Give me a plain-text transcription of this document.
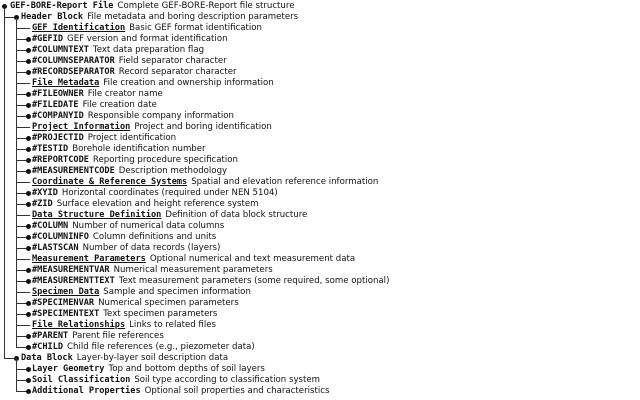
GEF-BORE-Report File Complete GEF-BORE-Report file structure
Header Block File metadata and boring description parameters
GEF Identification Basic GEF format identification
#GEFID GEF version and format identification
#COLUMNTEXT Text data preparation flag
#COLUMNSEPARATOR Field separator character
#RECORDSEPARATOR Record separator character
File Metadata File creation and ownership information
#FILEOWNER File creator name
#FILEDATE File creation date
#COMPANYID Responsible company information
Project Information Project and boring identification
#PROJECTID Project identification
#TESTID Borehole identification number
#REPORTCODE Reporting procedure specification
#MEASUREMENTCODE Description methodology
Coordinate & Reference Systems Spatial and elevation reference information
#XYID Horizontal coordinates (required under NEN 5104)
#ZID Surface elevation and height reference system
Data Structure Definition Definition of data block structure
#COLUMN Number of numerical data columns
#COLUMNINFO Column definitions and units
#LASTSCAN Number of data records (layers)
Measurement Parameters Optional numerical and text measurement data
#MEASUREMENTVAR Numerical measurement parameters
#MEASUREMENTTEXT Text measurement parameters (some required, some optional)
Specimen Data Sample and specimen information
#SPECIMENVAR Numerical specimen parameters
#SPECIMENTEXT Text specimen parameters
File Relationships Links to related files
#PARENT Parent file references
#CHILD Child file references (e.g., piezometer data)
Data Block Layer-by-layer soil description data
Layer Geometry Top and bottom depths of soil layers
Soil Classification Soil type according to classification system
Additional Properties Optional soil properties and characteristics
